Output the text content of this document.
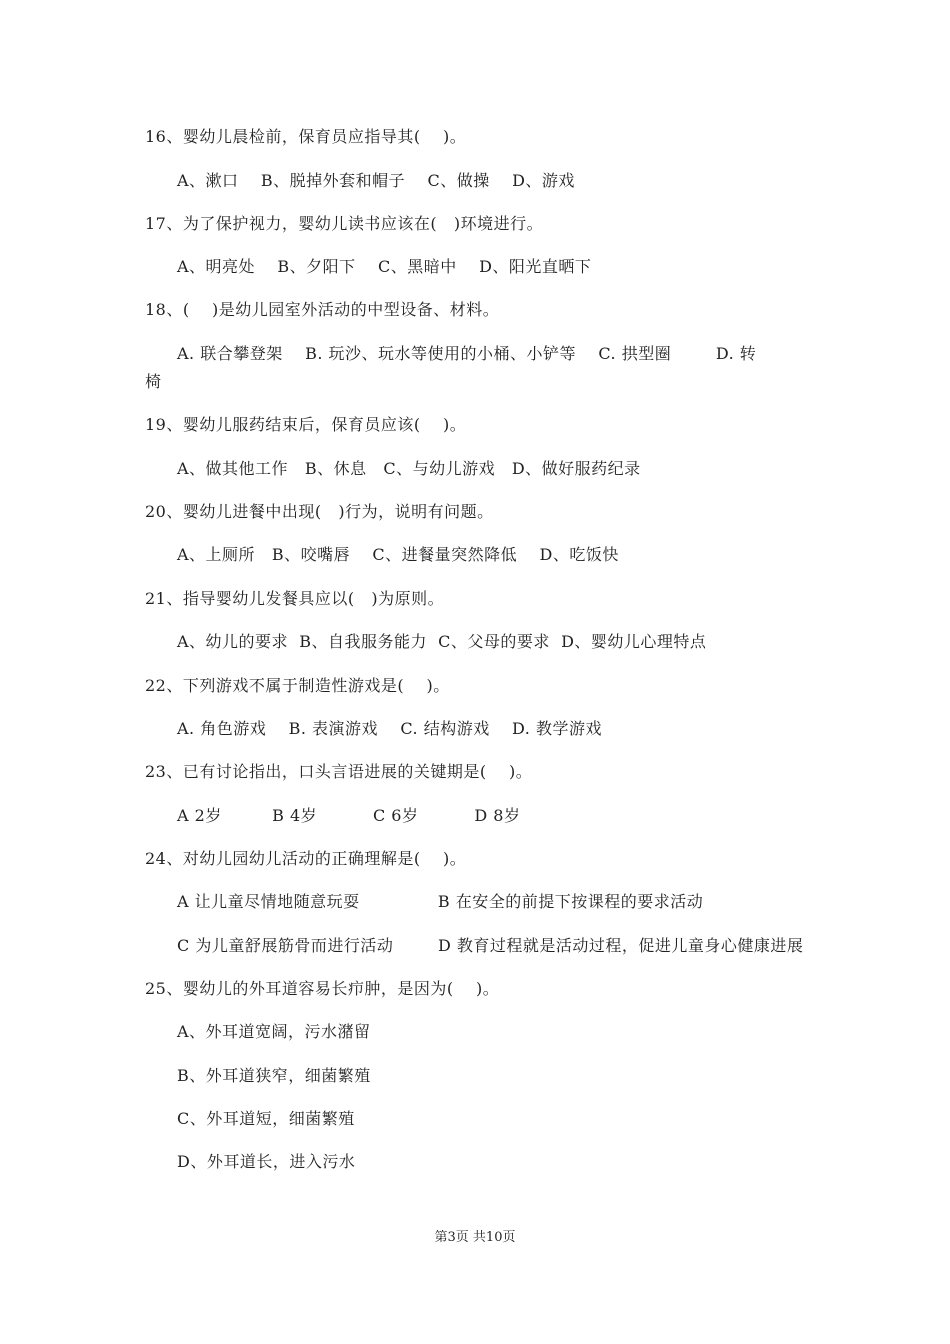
16、婴幼儿晨检前，保育员应指导其(    )。
A、漱口    B、脱掉外套和帽子    C、做操    D、游戏
17、为了保护视力，婴幼儿读书应该在(   )环境进行。
A、明亮处    B、夕阳下    C、黑暗中    D、阳光直晒下
18、(    )是幼儿园室外活动的中型设备、材料。
A. 联合攀登架    B. 玩沙、玩水等使用的小桶、小铲等    C. 拱型圈        D. 转
椅
19、婴幼儿服药结束后，保育员应该(    )。
A、做其他工作   B、休息   C、与幼儿游戏   D、做好服药纪录
20、婴幼儿进餐中出现(   )行为，说明有问题。
A、上厕所   B、咬嘴唇    C、进餐量突然降低    D、吃饭快
21、指导婴幼儿发餐具应以(   )为原则。
A、幼儿的要求  B、自我服务能力  C、父母的要求  D、婴幼儿心理特点
22、下列游戏不属于制造性游戏是(    )。
A. 角色游戏    B. 表演游戏    C. 结构游戏    D. 教学游戏
23、已有讨论指出，口头言语进展的关键期是(    )。
A 2岁         B 4岁          C 6岁          D 8岁
24、对幼儿园幼儿活动的正确理解是(    )。
A 让儿童尽情地随意玩耍              B 在安全的前提下按课程的要求活动
C 为儿童舒展筋骨而进行活动        D 教育过程就是活动过程，促进儿童身心健康进展
25、婴幼儿的外耳道容易长疖肿，是因为(    )。
A、外耳道宽阔，污水潴留
B、外耳道狭窄，细菌繁殖
C、外耳道短，细菌繁殖
D、外耳道长，进入污水
第3页 共10页
